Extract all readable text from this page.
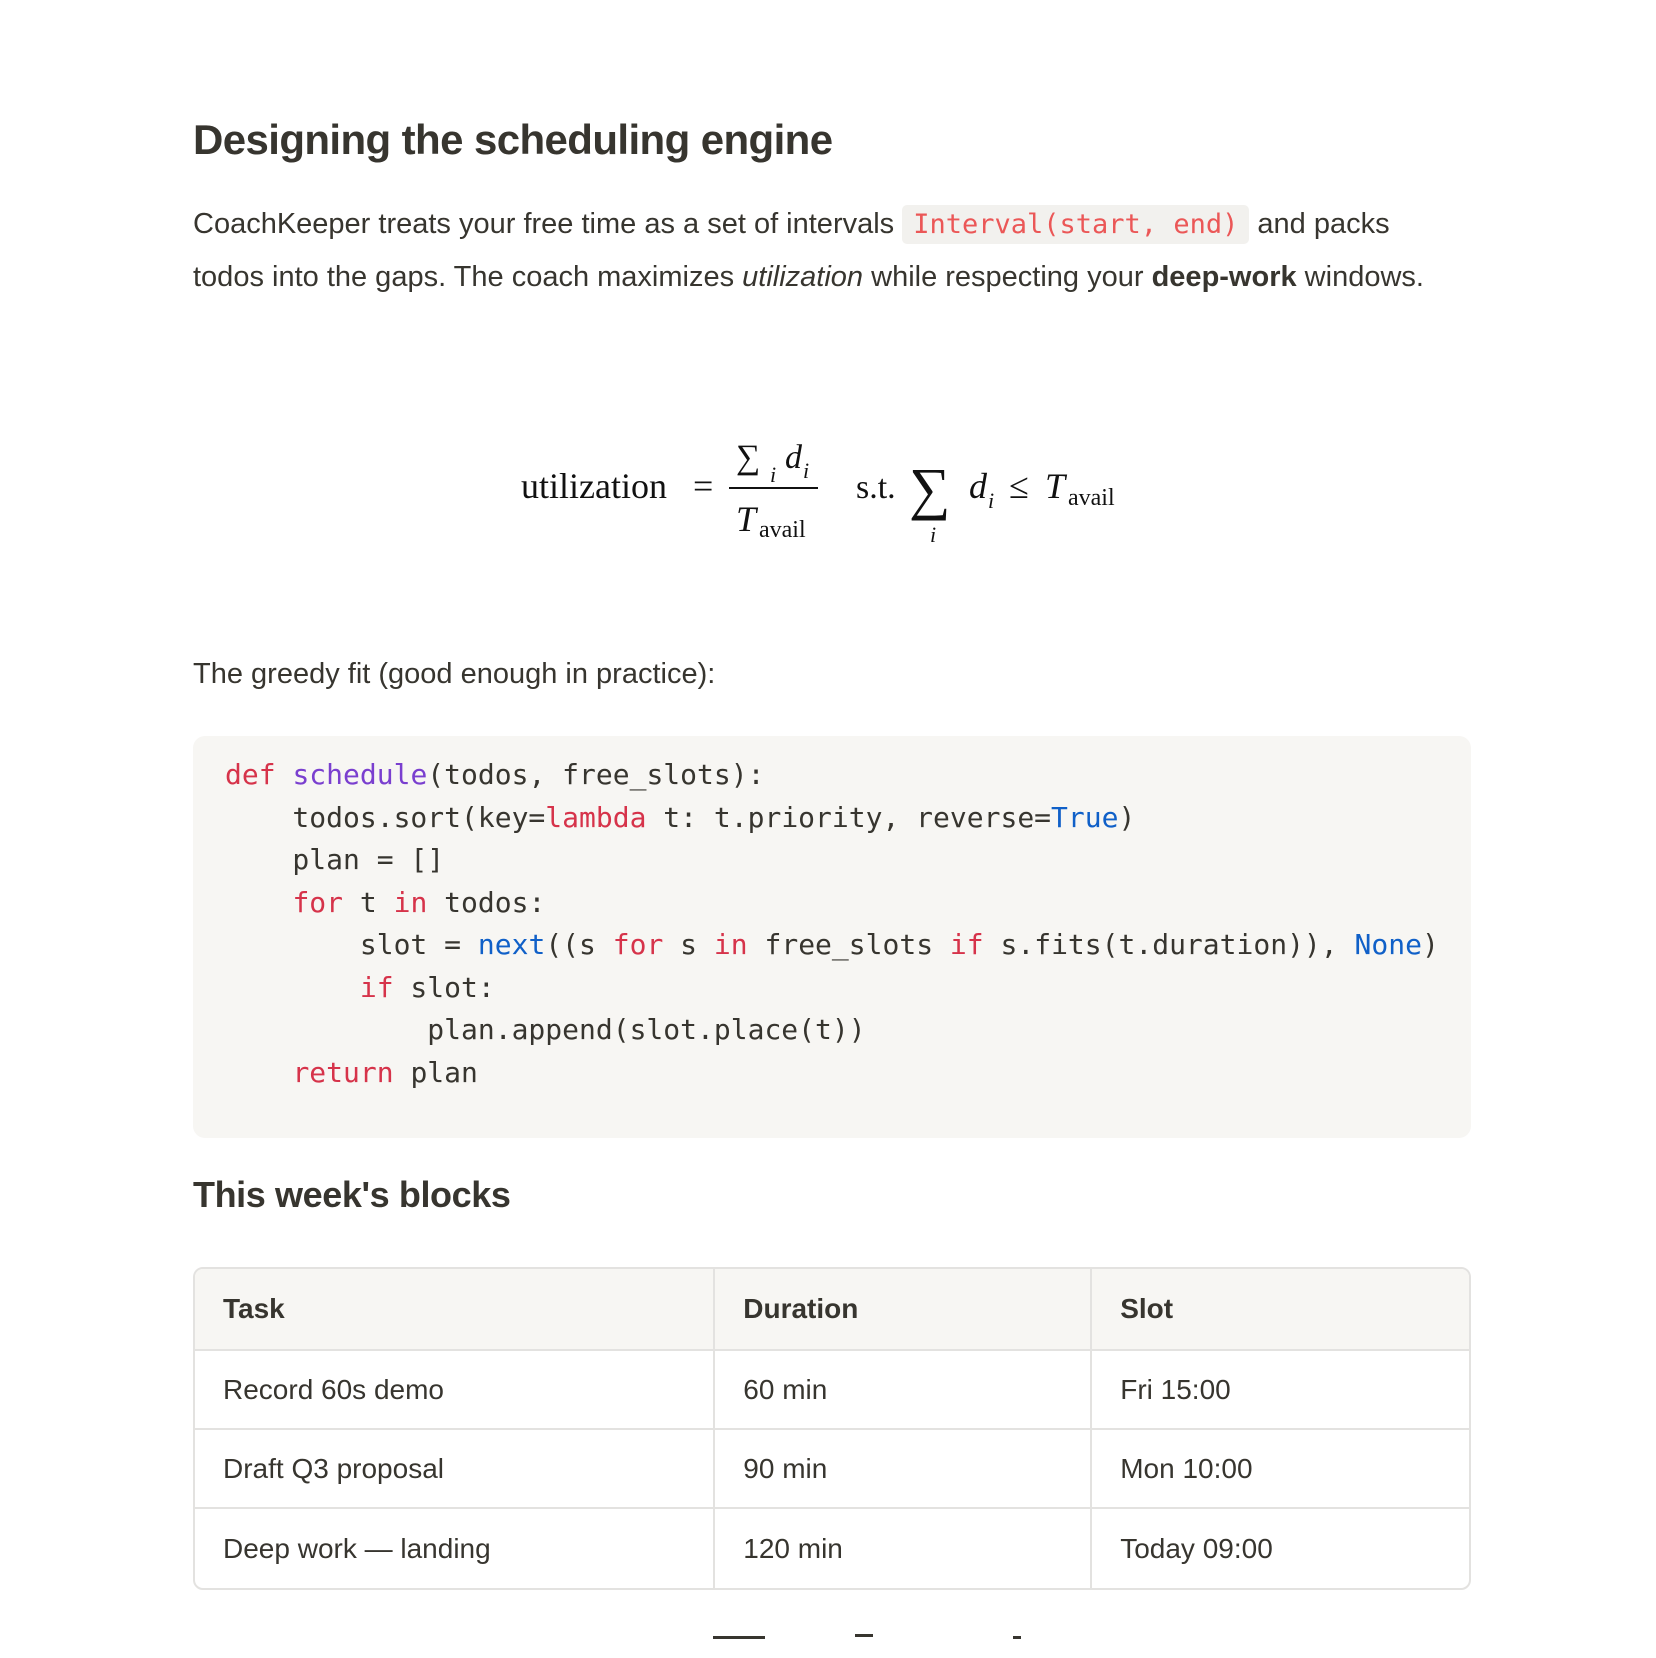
Designing the scheduling engine

CoachKeeper treats your free time as a set of intervals Interval(start, end) and packs todos into the gaps. The coach maximizes utilization while respecting your deep-work windows.

utilization =
∑ i d i
T avail
s.t. ∑
i
d i ≤ T avail

The greedy fit (good enough in practice):

def schedule(todos, free_slots):
todos.sort(key=lambda t: t.priority, reverse=True)
plan = []
for t in todos:
slot = next((s for s in free_slots if s.fits(t.duration)), None)
if slot:
plan.append(slot.place(t))
return plan
This week's blocks
Task	Duration	Slot
Record 60s demo	60 min	Fri 15:00
Draft Q3 proposal	90 min	Mon 10:00
Deep work — landing	120 min	Today 09:00
